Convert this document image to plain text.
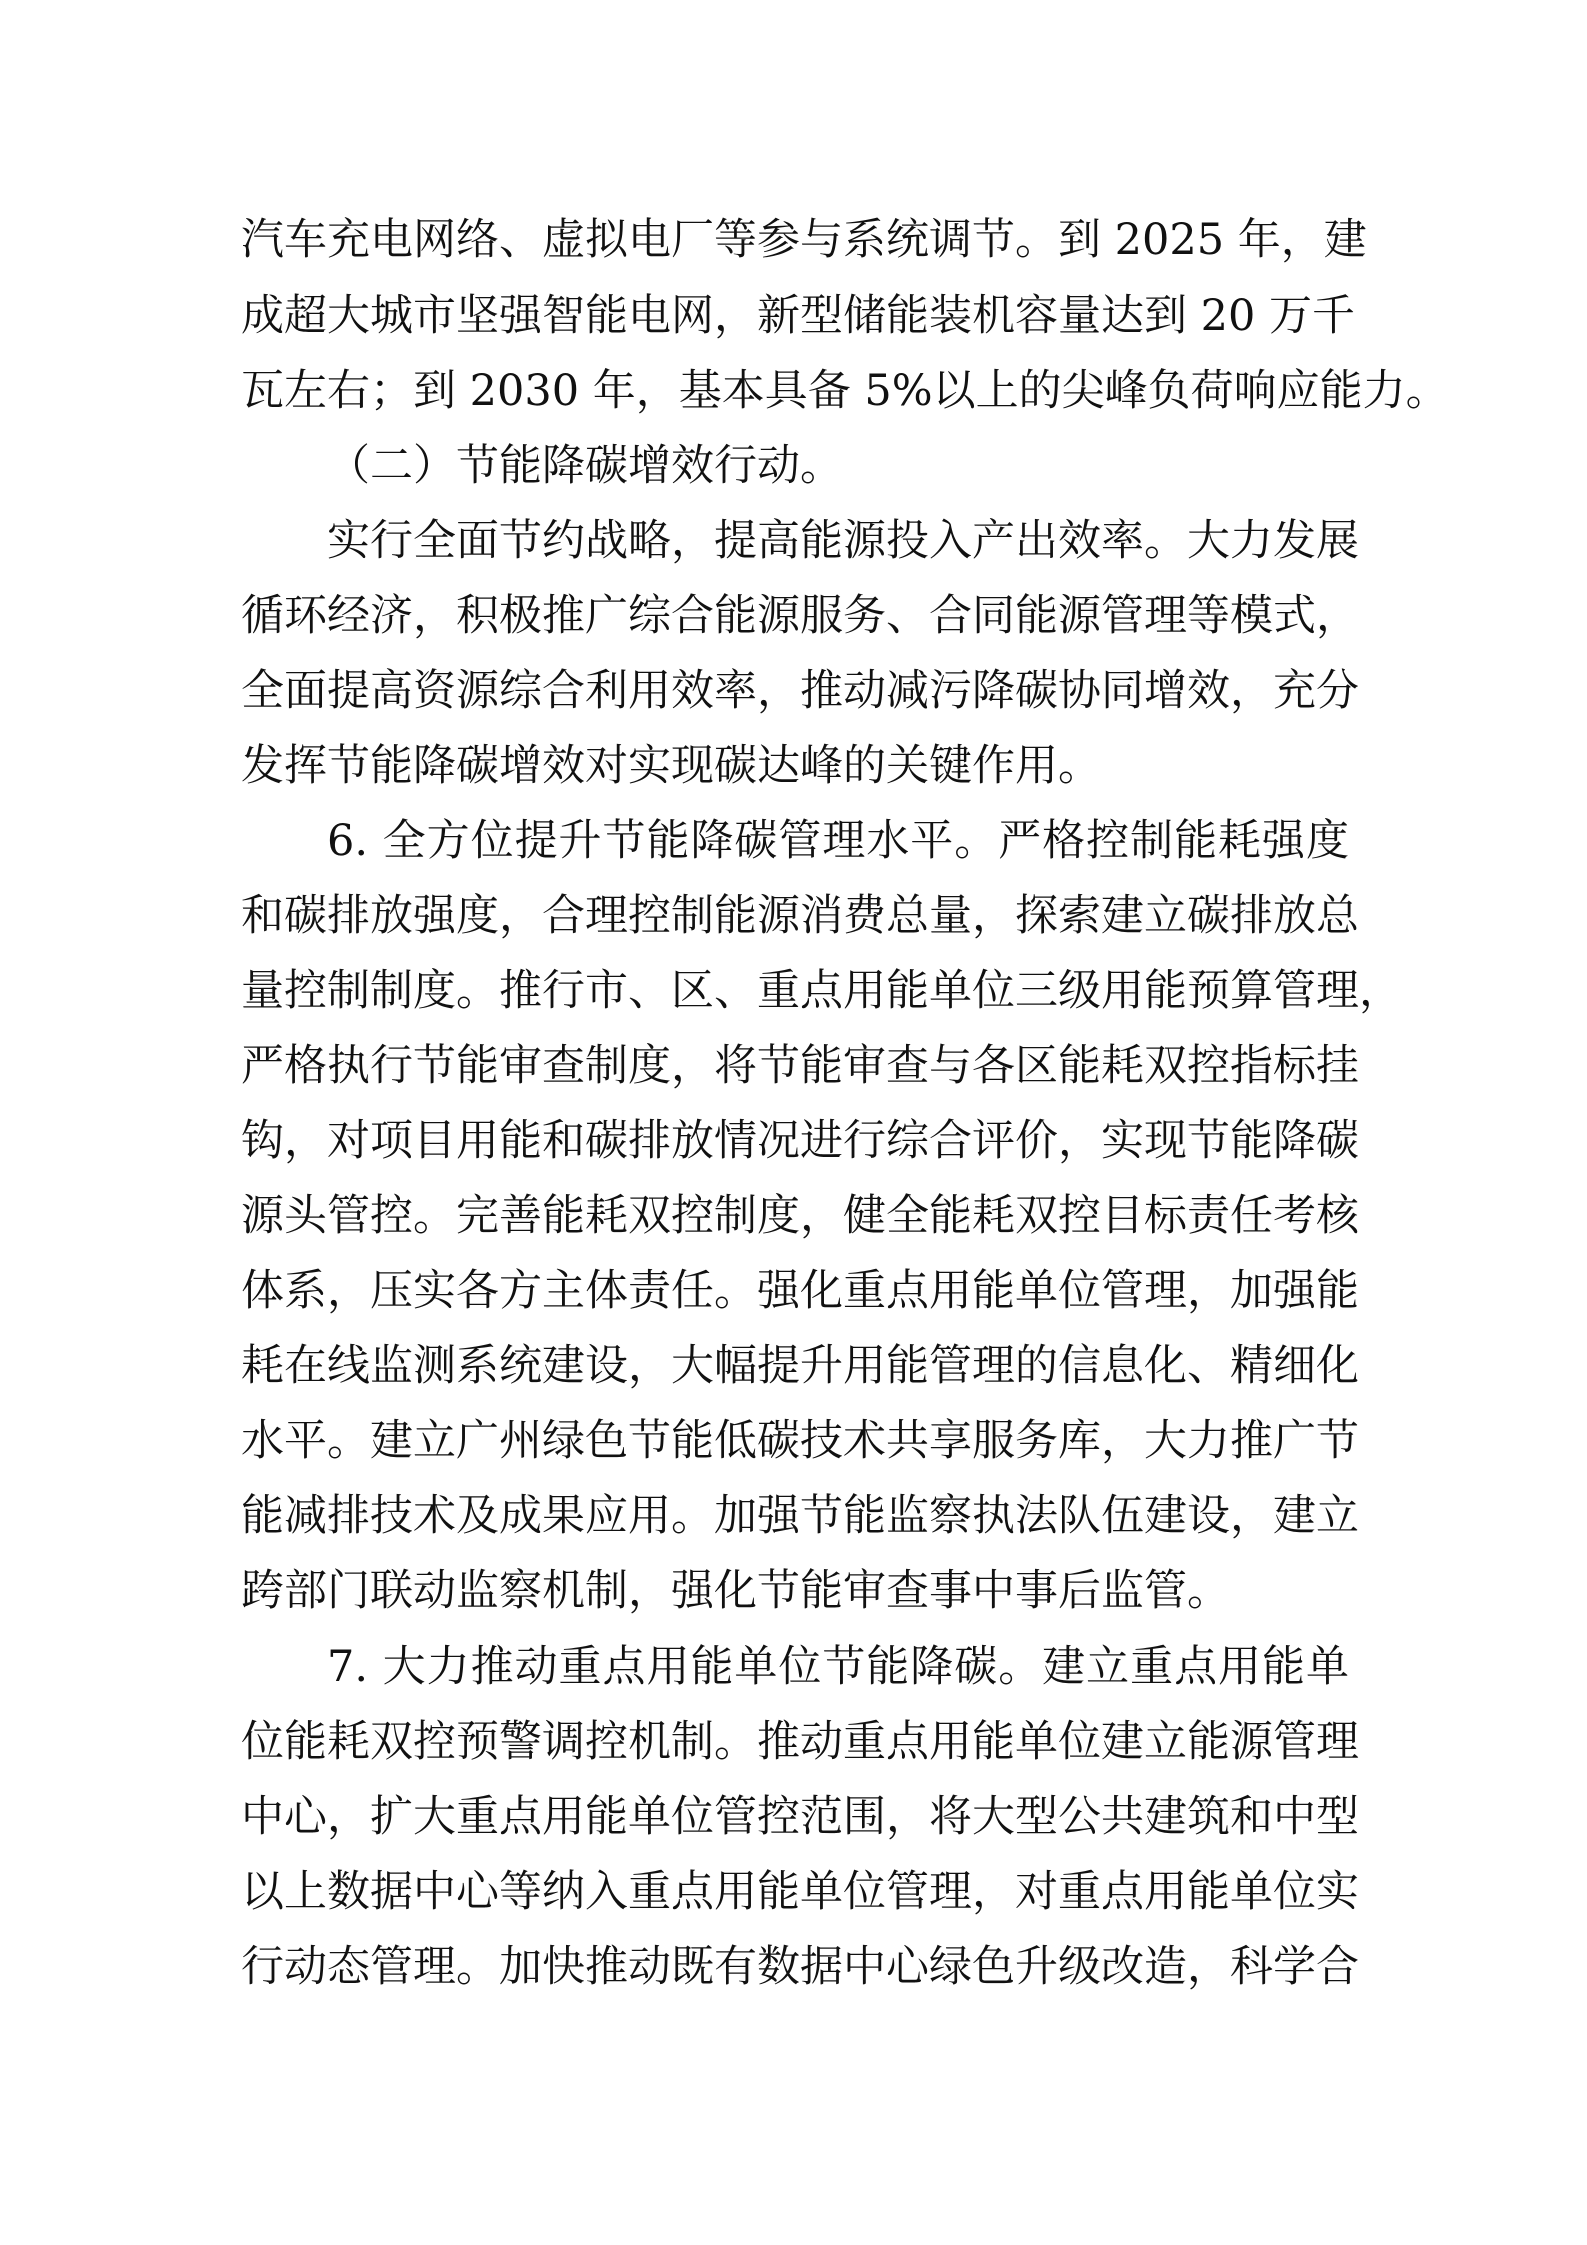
汽车充电网络、虚拟电厂等参与系统调节。到 2025 年，建
成超大城市坚强智能电网，新型储能装机容量达到 20 万千
瓦左右；到 2030 年，基本具备 5%以上的尖峰负荷响应能力。
（二）节能降碳增效行动。
实行全面节约战略，提高能源投入产出效率。大力发展
循环经济，积极推广综合能源服务、合同能源管理等模式，
全面提高资源综合利用效率，推动减污降碳协同增效，充分
发挥节能降碳增效对实现碳达峰的关键作用。
6. 全方位提升节能降碳管理水平。严格控制能耗强度
和碳排放强度，合理控制能源消费总量，探索建立碳排放总
量控制制度。推行市、区、重点用能单位三级用能预算管理，
严格执行节能审查制度，将节能审查与各区能耗双控指标挂
钩，对项目用能和碳排放情况进行综合评价，实现节能降碳
源头管控。完善能耗双控制度，健全能耗双控目标责任考核
体系，压实各方主体责任。强化重点用能单位管理，加强能
耗在线监测系统建设，大幅提升用能管理的信息化、精细化
水平。建立广州绿色节能低碳技术共享服务库，大力推广节
能减排技术及成果应用。加强节能监察执法队伍建设，建立
跨部门联动监察机制，强化节能审查事中事后监管。
7. 大力推动重点用能单位节能降碳。建立重点用能单
位能耗双控预警调控机制。推动重点用能单位建立能源管理
中心，扩大重点用能单位管控范围，将大型公共建筑和中型
以上数据中心等纳入重点用能单位管理，对重点用能单位实
行动态管理。加快推动既有数据中心绿色升级改造，科学合
